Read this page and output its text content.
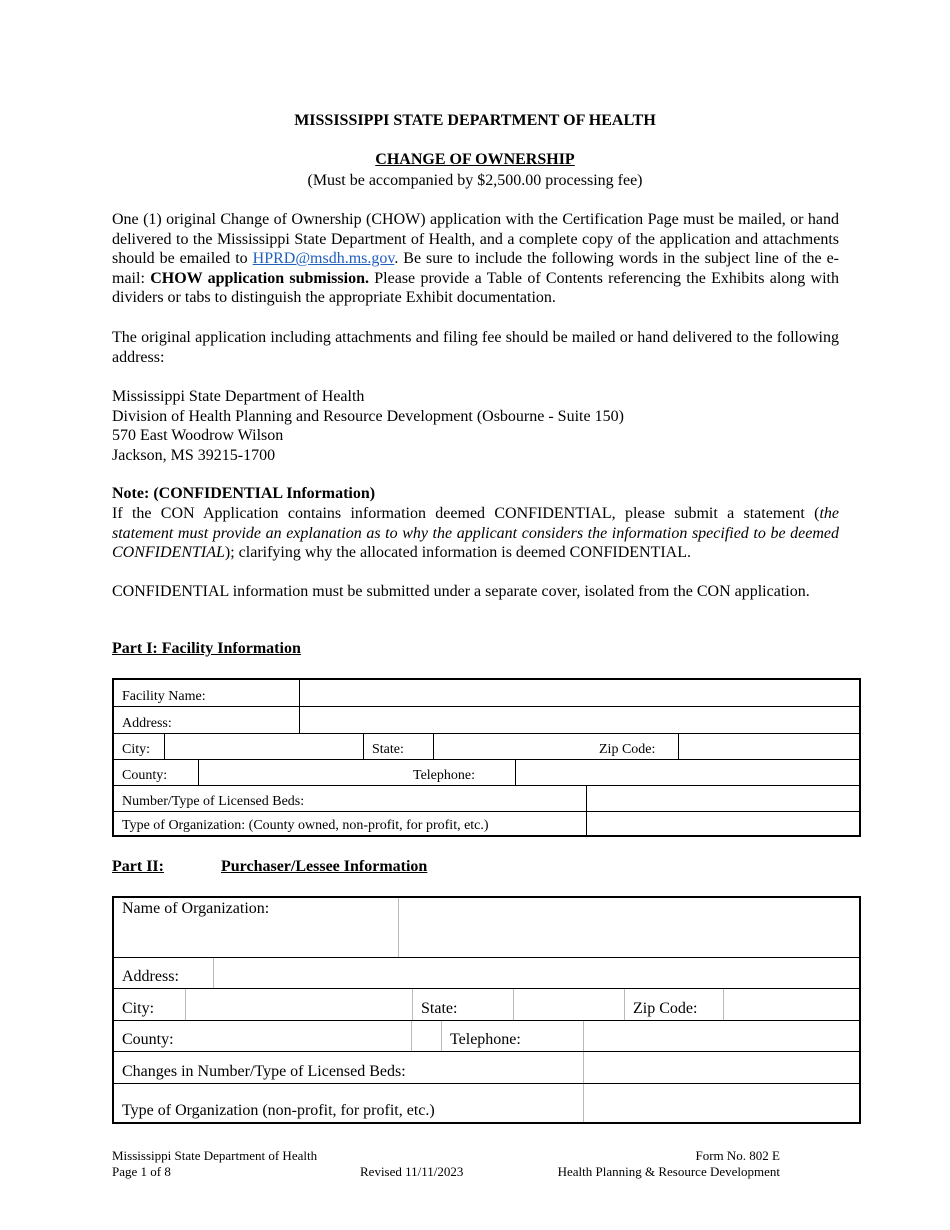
MISSISSIPPI STATE DEPARTMENT OF HEALTH
CHANGE OF OWNERSHIP
(Must be accompanied by $2,500.00 processing fee)

One (1) original Change of Ownership (CHOW) application with the Certification Page must be mailed, or hand delivered to the Mississippi State Department of Health, and a complete copy of the application and attachments should be emailed to HPRD@msdh.ms.gov. Be sure to include the following words in the subject line of the e-mail: CHOW application submission. Please provide a Table of Contents referencing the Exhibits along with dividers or tabs to distinguish the appropriate Exhibit documentation.

The original application including attachments and filing fee should be mailed or hand delivered to the following address:

Mississippi State Department of Health
Division of Health Planning and Resource Development (Osbourne - Suite 150)
570 East Woodrow Wilson
Jackson, MS 39215-1700
Note: (CONFIDENTIAL Information)

If the CON Application contains information deemed CONFIDENTIAL, please submit a statement (the statement must provide an explanation as to why the applicant considers the information specified to be deemed CONFIDENTIAL); clarifying why the allocated information is deemed CONFIDENTIAL.

CONFIDENTIAL information must be submitted under a separate cover, isolated from the CON application.

Part I: Facility Information
Facility Name:
Address:
City:	State:	Zip Code:
County:	Telephone:
Number/Type of Licensed Beds:
Type of Organization: (County owned, non-profit, for profit, etc.)
Part II:	Purchaser/Lessee Information
Name of Organization:
Address:
City:	State:	Zip Code:
County:	Telephone:
Changes in Number/Type of Licensed Beds:
Type of Organization (non-profit, for profit, etc.)
Mississippi State Department of Health
Page 1 of 8	Revised 11/11/2023
Form No. 802 E
Health Planning & Resource Development
